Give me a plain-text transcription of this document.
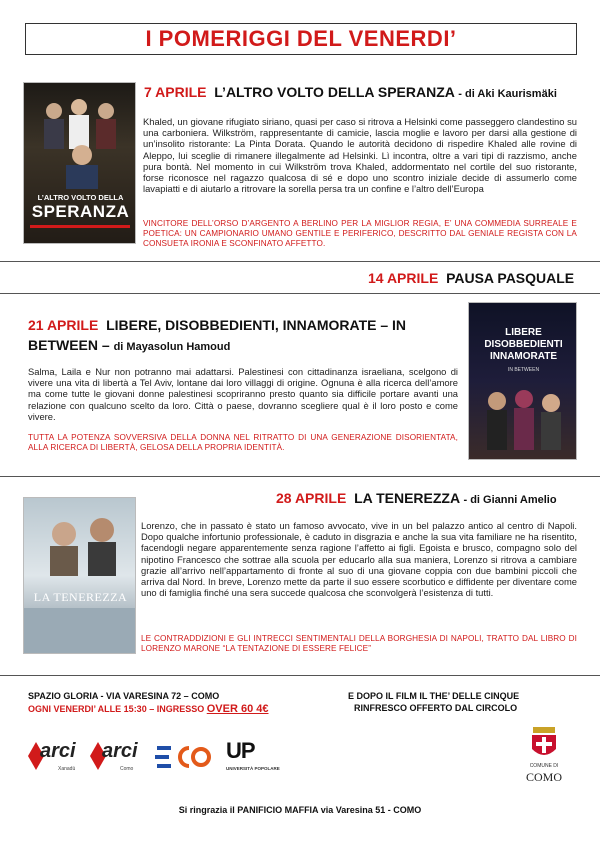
I POMERIGGI DEL VENERDI’
L’ALTRO VOLTO DELLA
SPERANZA
7 APRILE L’ALTRO VOLTO DELLA SPERANZA - di Aki Kaurismäki
Khaled, un giovane rifugiato siriano, quasi per caso si ritrova a Helsinki come passeggero clandestino su una carboniera. Wilkström, rappresentante di camicie, lascia moglie e lavoro per darsi alla gestione di un’insolito ristorante: La Pinta Dorata. Quando le autorità decidono di rispedire Khaled alle rovine di Aleppo, lui sceglie di rimanere illegalmente ad Helsinki. Lì incontra, oltre a vari tipi di razzismo, anche pura bontà. Nel momento in cui Wilkström trova Khaled, addormentato nel cortile del suo ristorante, forse riconosce nel ragazzo qualcosa di sé e dopo uno scontro iniziale decide di assumerlo come lavapiatti e di aiutarlo a ritrovare la sorella persa tra un confine e l’altro dell’Europa
VINCITORE DELL’ORSO D’ARGENTO A BERLINO PER LA MIGLIOR REGIA, E’ UNA COMMEDIA SURREALE E POETICA: UN CAMPIONARIO UMANO GENTILE E PERIFERICO, DESCRITTO DAL GENIALE REGISTA CON LA CONSUETA IRONIA E SCONFINATO AFFETTO.
14 APRILE PAUSA PASQUALE
21 APRILE LIBERE, DISOBBEDIENTI, INNAMORATE – IN
BETWEEN – di Mayasolun Hamoud
LIBERE
DISOBBEDIENTI
INNAMORATE
IN BETWEEN
Salma, Laila e Nur non potranno mai adattarsi. Palestinesi con cittadinanza israeliana, scelgono di vivere una vita di libertà a Tel Aviv, lontane dai loro villaggi di origine. Ognuna è alla ricerca dell’amore ma come tutte le giovani donne palestinesi scopriranno presto quanto sia difficile portare avanti una relazione con qualcuno scelto da loro. Città o paese, dovranno scegliere qual è il loro posto e come vivere.
TUTTA LA POTENZA SOVVERSIVA DELLA DONNA NEL RITRATTO DI UNA GENERAZIONE DISORIENTATA, ALLA RICERCA DI LIBERTÀ, GELOSA DELLA PROPRIA IDENTITÀ.
28 APRILE LA TENEREZZA - di Gianni Amelio
LA TENEREZZA
Lorenzo, che in passato è stato un famoso avvocato, vive in un bel palazzo antico al centro di Napoli. Dopo qualche infortunio professionale, è caduto in disgrazia e anche la sua vita familiare ne ha risentito, facendogli negare apparentemente senza ragione l’affetto ai figli. Egoista e brusco, compagno solo del nipotino Francesco che sottrae alla scuola per educarlo alla sua maniera, Lorenzo si ritrova a cambiare grazie all’arrivo nell’appartamento di fronte al suo di una giovane coppia con due bambini piccoli che arriva dal Nord. In breve, Lorenzo mette da parte il suo essere scorbutico e diffidente per diventare come uno di famiglia finché una sera succede qualcosa che sconvolgerà l’esistenza di tutti.
LE CONTRADDIZIONI E GLI INTRECCI SENTIMENTALI DELLA BORGHESIA DI NAPOLI, TRATTO DAL LIBRO DI LORENZO MARONE “LA TENTAZIONE DI ESSERE FELICE”
SPAZIO GLORIA - VIA VARESINA 72 – COMO
OGNI VENERDI’ ALLE 15:30 – INGRESSO OVER 60 4€
E DOPO IL FILM IL THE’ DELLE CINQUE
RINFRESCO OFFERTO DAL CIRCOLO
arci
Xanadù
arci
Como
UP
UNIVERSITÀ POPOLARE	COMUNE DI
COMO
Si ringrazia il PANIFICIO MAFFIA via Varesina 51 - COMO
